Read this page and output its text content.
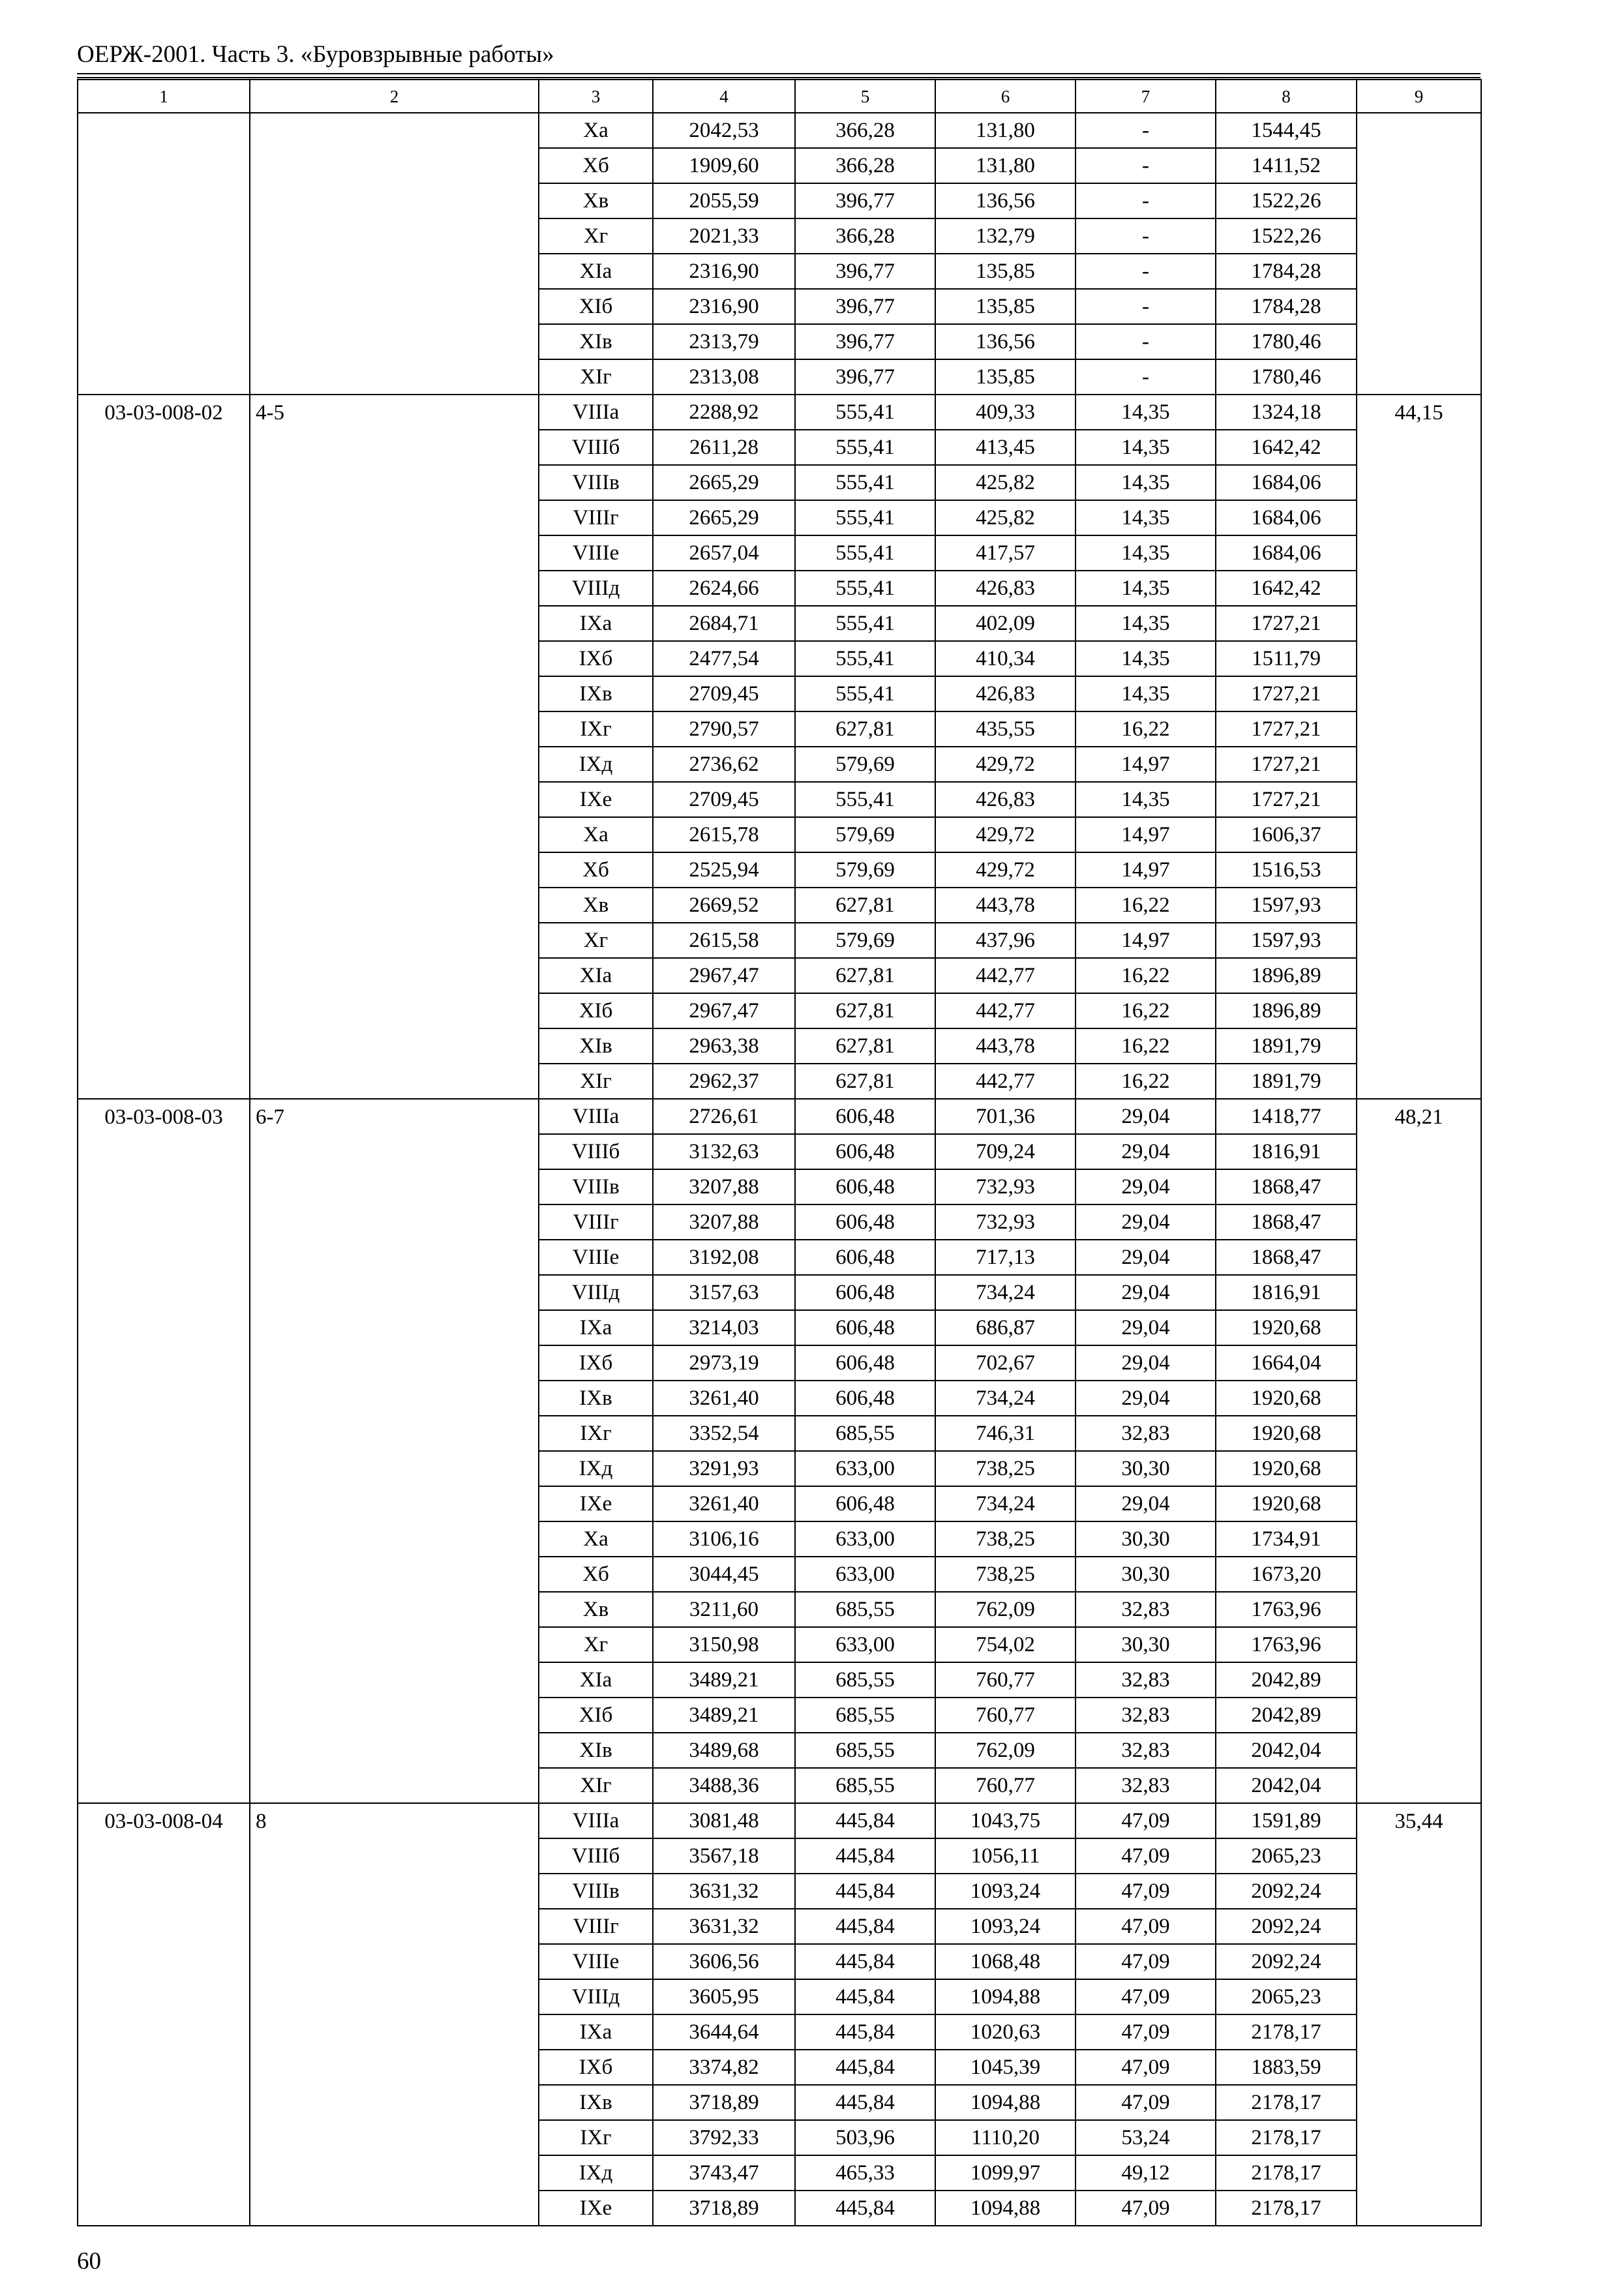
ОЕРЖ-2001. Часть 3. «Буровзрывные работы»
1	2	3	4	5	6	7	8	9
		Xa	2042,53	366,28	131,80	-	1544,45	
		Xб	1909,60	366,28	131,80	-	1411,52	
		Xв	2055,59	396,77	136,56	-	1522,26	
		Xг	2021,33	366,28	132,79	-	1522,26	
		XIa	2316,90	396,77	135,85	-	1784,28	
		XIб	2316,90	396,77	135,85	-	1784,28	
		XIв	2313,79	396,77	136,56	-	1780,46	
		XIг	2313,08	396,77	135,85	-	1780,46	
03-03-008-02	4-5	VIIIa	2288,92	555,41	409,33	14,35	1324,18	44,15
		VIIIб	2611,28	555,41	413,45	14,35	1642,42	
		VIIIв	2665,29	555,41	425,82	14,35	1684,06	
		VIIIг	2665,29	555,41	425,82	14,35	1684,06	
		VIIIe	2657,04	555,41	417,57	14,35	1684,06	
		VIIIд	2624,66	555,41	426,83	14,35	1642,42	
		IXa	2684,71	555,41	402,09	14,35	1727,21	
		IXб	2477,54	555,41	410,34	14,35	1511,79	
		IXв	2709,45	555,41	426,83	14,35	1727,21	
		IXг	2790,57	627,81	435,55	16,22	1727,21	
		IXд	2736,62	579,69	429,72	14,97	1727,21	
		IXe	2709,45	555,41	426,83	14,35	1727,21	
		Xa	2615,78	579,69	429,72	14,97	1606,37	
		Xб	2525,94	579,69	429,72	14,97	1516,53	
		Xв	2669,52	627,81	443,78	16,22	1597,93	
		Xг	2615,58	579,69	437,96	14,97	1597,93	
		XIa	2967,47	627,81	442,77	16,22	1896,89	
		XIб	2967,47	627,81	442,77	16,22	1896,89	
		XIв	2963,38	627,81	443,78	16,22	1891,79	
		XIг	2962,37	627,81	442,77	16,22	1891,79	
03-03-008-03	6-7	VIIIa	2726,61	606,48	701,36	29,04	1418,77	48,21
		VIIIб	3132,63	606,48	709,24	29,04	1816,91	
		VIIIв	3207,88	606,48	732,93	29,04	1868,47	
		VIIIг	3207,88	606,48	732,93	29,04	1868,47	
		VIIIe	3192,08	606,48	717,13	29,04	1868,47	
		VIIIд	3157,63	606,48	734,24	29,04	1816,91	
		IXa	3214,03	606,48	686,87	29,04	1920,68	
		IXб	2973,19	606,48	702,67	29,04	1664,04	
		IXв	3261,40	606,48	734,24	29,04	1920,68	
		IXг	3352,54	685,55	746,31	32,83	1920,68	
		IXд	3291,93	633,00	738,25	30,30	1920,68	
		IXe	3261,40	606,48	734,24	29,04	1920,68	
		Xa	3106,16	633,00	738,25	30,30	1734,91	
		Xб	3044,45	633,00	738,25	30,30	1673,20	
		Xв	3211,60	685,55	762,09	32,83	1763,96	
		Xг	3150,98	633,00	754,02	30,30	1763,96	
		XIa	3489,21	685,55	760,77	32,83	2042,89	
		XIб	3489,21	685,55	760,77	32,83	2042,89	
		XIв	3489,68	685,55	762,09	32,83	2042,04	
		XIг	3488,36	685,55	760,77	32,83	2042,04	
03-03-008-04	8	VIIIa	3081,48	445,84	1043,75	47,09	1591,89	35,44
		VIIIб	3567,18	445,84	1056,11	47,09	2065,23	
		VIIIв	3631,32	445,84	1093,24	47,09	2092,24	
		VIIIг	3631,32	445,84	1093,24	47,09	2092,24	
		VIIIe	3606,56	445,84	1068,48	47,09	2092,24	
		VIIIд	3605,95	445,84	1094,88	47,09	2065,23	
		IXa	3644,64	445,84	1020,63	47,09	2178,17	
		IXб	3374,82	445,84	1045,39	47,09	1883,59	
		IXв	3718,89	445,84	1094,88	47,09	2178,17	
		IXг	3792,33	503,96	1110,20	53,24	2178,17	
		IXд	3743,47	465,33	1099,97	49,12	2178,17	
		IXe	3718,89	445,84	1094,88	47,09	2178,17	
60
